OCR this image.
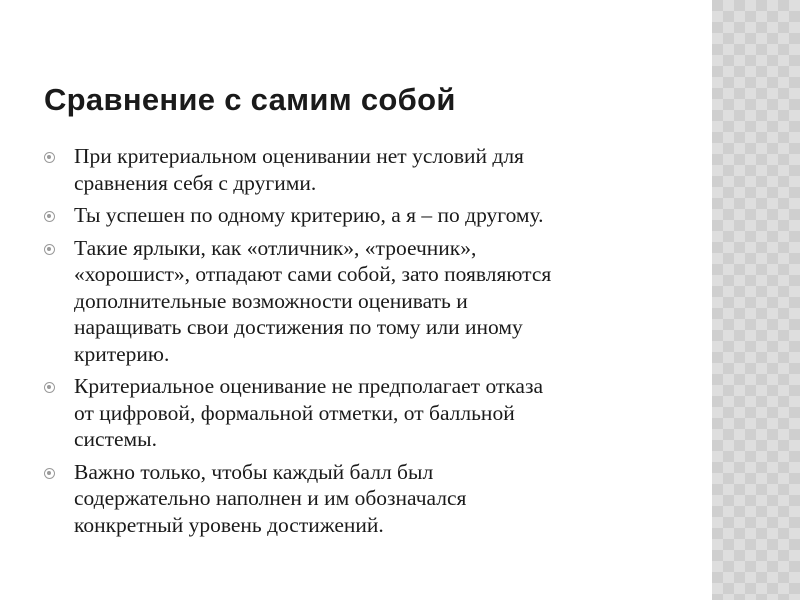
Сравнение с самим собой
При критериальном оценивании нет условий для
сравнения себя с другими.
Ты успешен по одному критерию, а я – по другому.
Такие ярлыки, как «отличник», «троечник»,
«хорошист», отпадают сами собой, зато появляются
дополнительные возможности оценивать и
наращивать свои достижения по тому или иному
критерию.
Критериальное оценивание не предполагает отказа
от цифровой, формальной отметки, от балльной
системы.
Важно только, чтобы каждый балл был
содержательно наполнен и им обозначался
конкретный уровень достижений.
